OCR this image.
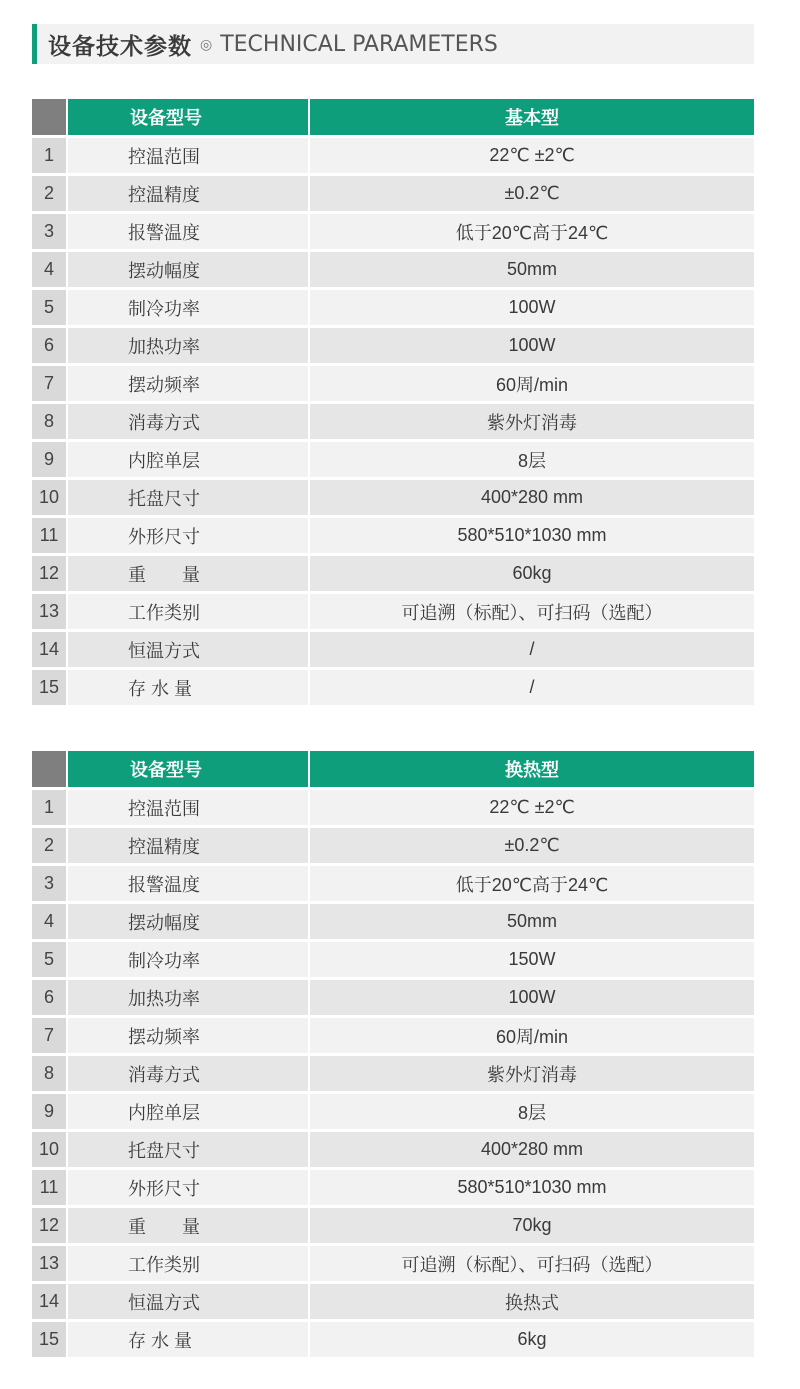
设备技术参数 ◎ TECHNICAL PARAMETERS
	设备型号	基本型
1	控温范围	22℃ ±2℃
2	控温精度	±0.2℃
3	报警温度	低于20℃高于24℃
4	摆动幅度	50mm
5	制冷功率	100W
6	加热功率	100W
7	摆动频率	60周/min
8	消毒方式	紫外灯消毒
9	内腔单层	8层
10	托盘尺寸	400*280 mm
11	外形尺寸	580*510*1030 mm
12	重　　量	60kg
13	工作类别	可追溯（标配）、可扫码（选配）
14	恒温方式	/
15	存 水 量	/
	设备型号	换热型
1	控温范围	22℃ ±2℃
2	控温精度	±0.2℃
3	报警温度	低于20℃高于24℃
4	摆动幅度	50mm
5	制冷功率	150W
6	加热功率	100W
7	摆动频率	60周/min
8	消毒方式	紫外灯消毒
9	内腔单层	8层
10	托盘尺寸	400*280 mm
11	外形尺寸	580*510*1030 mm
12	重　　量	70kg
13	工作类别	可追溯（标配）、可扫码（选配）
14	恒温方式	换热式
15	存 水 量	6kg
